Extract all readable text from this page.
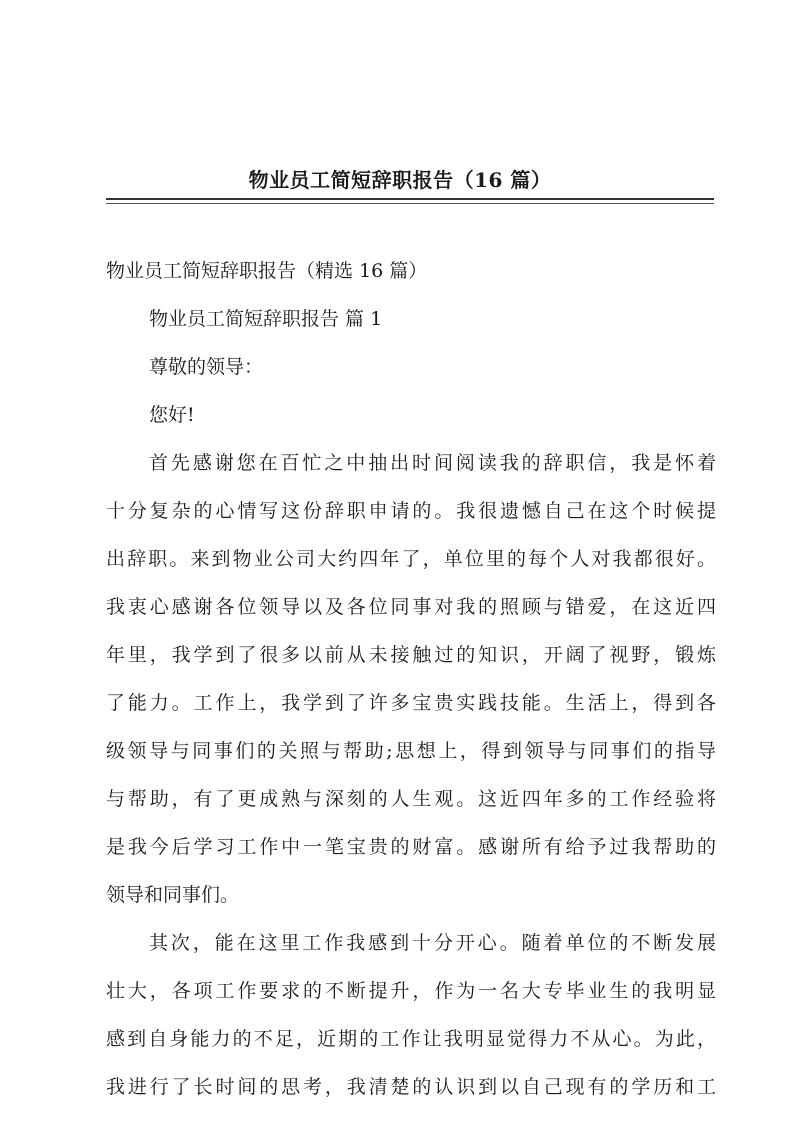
物业员工简短辞职报告（16 篇）
物业员工简短辞职报告（精选 16 篇）
物业员工简短辞职报告 篇 1
尊敬的领导：
您好!
首先感谢您在百忙之中抽出时间阅读我的辞职信，我是怀着
十分复杂的心情写这份辞职申请的。我很遗憾自己在这个时候提
出辞职。来到物业公司大约四年了，单位里的每个人对我都很好。
我衷心感谢各位领导以及各位同事对我的照顾与错爱，在这近四
年里，我学到了很多以前从未接触过的知识，开阔了视野，锻炼
了能力。工作上，我学到了许多宝贵实践技能。生活上，得到各
级领导与同事们的关照与帮助;思想上，得到领导与同事们的指导
与帮助，有了更成熟与深刻的人生观。这近四年多的工作经验将
是我今后学习工作中一笔宝贵的财富。感谢所有给予过我帮助的
领导和同事们。
其次，能在这里工作我感到十分开心。随着单位的不断发展
壮大，各项工作要求的不断提升，作为一名大专毕业生的我明显
感到自身能力的不足，近期的工作让我明显觉得力不从心。为此，
我进行了长时间的思考，我清楚的认识到以自己现有的学历和工
